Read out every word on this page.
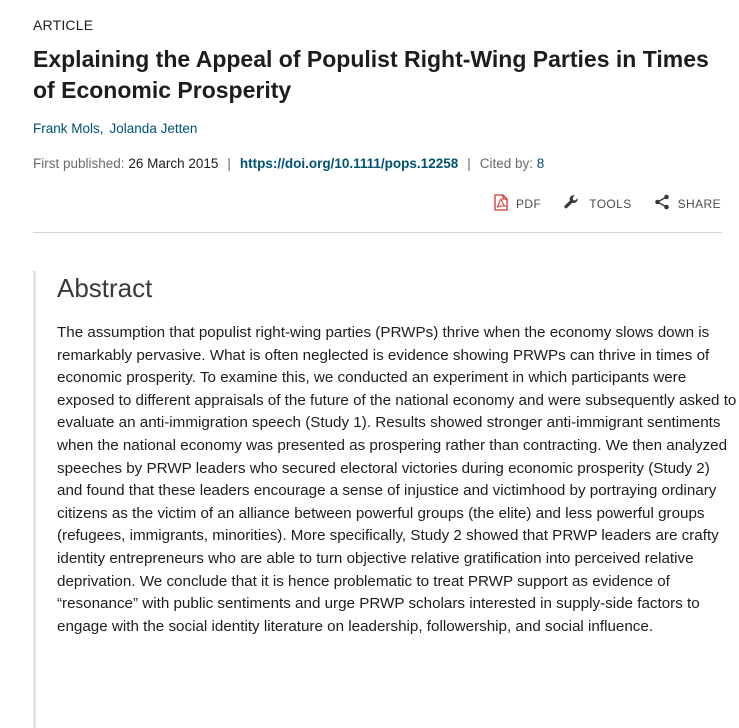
ARTICLE
Explaining the Appeal of Populist Right-Wing Parties in Times of Economic Prosperity
Frank Mols, Jolanda Jetten
First published: 26 March 2015 | https://doi.org/10.1111/pops.12258 | Cited by: 8
PDF	TOOLS	SHARE
Abstract

The assumption that populist right-wing parties (PRWPs) thrive when the economy slows down is remarkably pervasive. What is often neglected is evidence showing PRWPs can thrive in times of economic prosperity. To examine this, we conducted an experiment in which participants were exposed to different appraisals of the future of the national economy and were subsequently asked to evaluate an anti-immigration speech (Study 1). Results showed stronger anti-immigrant sentiments when the national economy was presented as prospering rather than contracting. We then analyzed speeches by PRWP leaders who secured electoral victories during economic prosperity (Study 2) and found that these leaders encourage a sense of injustice and victimhood by portraying ordinary citizens as the victim of an alliance between powerful groups (the elite) and less powerful groups (refugees, immigrants, minorities). More specifically, Study 2 showed that PRWP leaders are crafty identity entrepreneurs who are able to turn objective relative gratification into perceived relative deprivation. We conclude that it is hence problematic to treat PRWP support as evidence of “resonance” with public sentiments and urge PRWP scholars interested in supply-side factors to engage with the social identity literature on leadership, followership, and social influence.
